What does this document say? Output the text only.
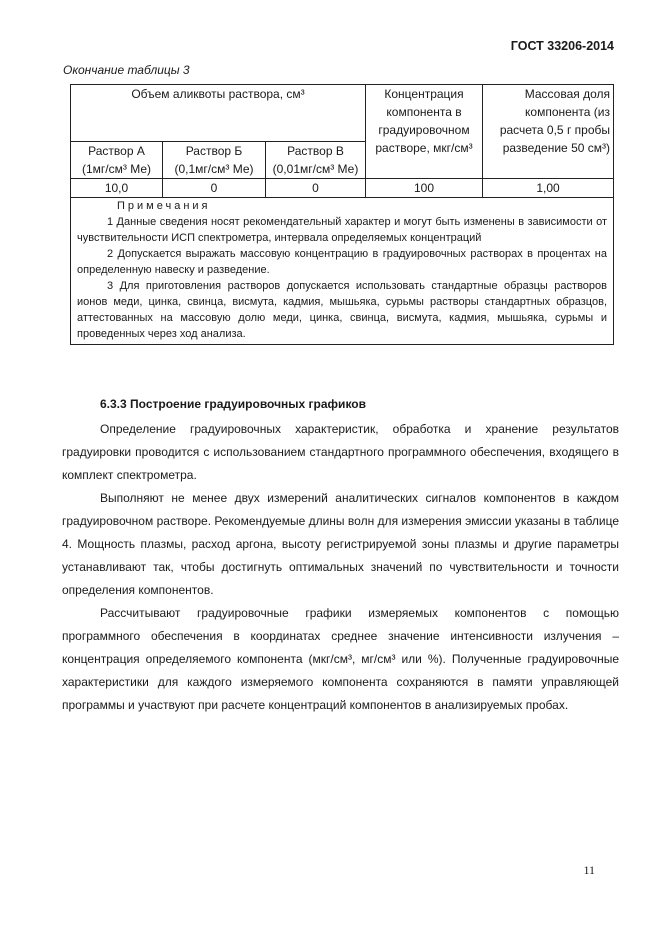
ГОСТ 33206-2014
Окончание таблицы 3
Объем аликвоты раствора, см³			Концентрация компонента в градуировочном растворе, мкг/см³	Массовая доля компонента (из расчета 0,5 г пробы разведение 50 см³)
Раствор А (1мг/см³ Ме)	Раствор Б (0,1мг/см³ Ме)	Раствор В (0,01мг/см³ Ме)		
10,0	0	0	100	1,00

Примечания

1 Данные сведения носят рекомендательный характер и могут быть изменены в зависимости от чувствительности ИСП спектрометра, интервала определяемых концентраций

2 Допускается выражать массовую концентрацию в градуировочных растворах в процентах на определенную навеску и разведение.

3 Для приготовления растворов допускается использовать стандартные образцы растворов ионов меди, цинка, свинца, висмута, кадмия, мышьяка, сурьмы растворы стандартных образцов, аттестованных на массовую долю меди, цинка, свинца, висмута, кадмия, мышьяка, сурьмы и проведенных через ход анализа.				

6.3.3 Построение градуировочных графиков

Определение градуировочных характеристик, обработка и хранение результатов градуировки проводится с использованием стандартного программного обеспечения, входящего в комплект спектрометра.

Выполняют не менее двух измерений аналитических сигналов компонентов в каждом градуировочном растворе. Рекомендуемые длины волн для измерения эмиссии указаны в таблице 4. Мощность плазмы, расход аргона, высоту регистрируемой зоны плазмы и другие параметры устанавливают так, чтобы достигнуть оптимальных значений по чувствительности и точности определения компонентов.

Рассчитывают градуировочные графики измеряемых компонентов с помощью программного обеспечения в координатах среднее значение интенсивности излучения – концентрация определяемого компонента (мкг/см³, мг/см³ или %). Полученные градуировочные характеристики для каждого измеряемого компонента сохраняются в памяти управляющей программы и участвуют при расчете концентраций компонентов в анализируемых пробах.

11
